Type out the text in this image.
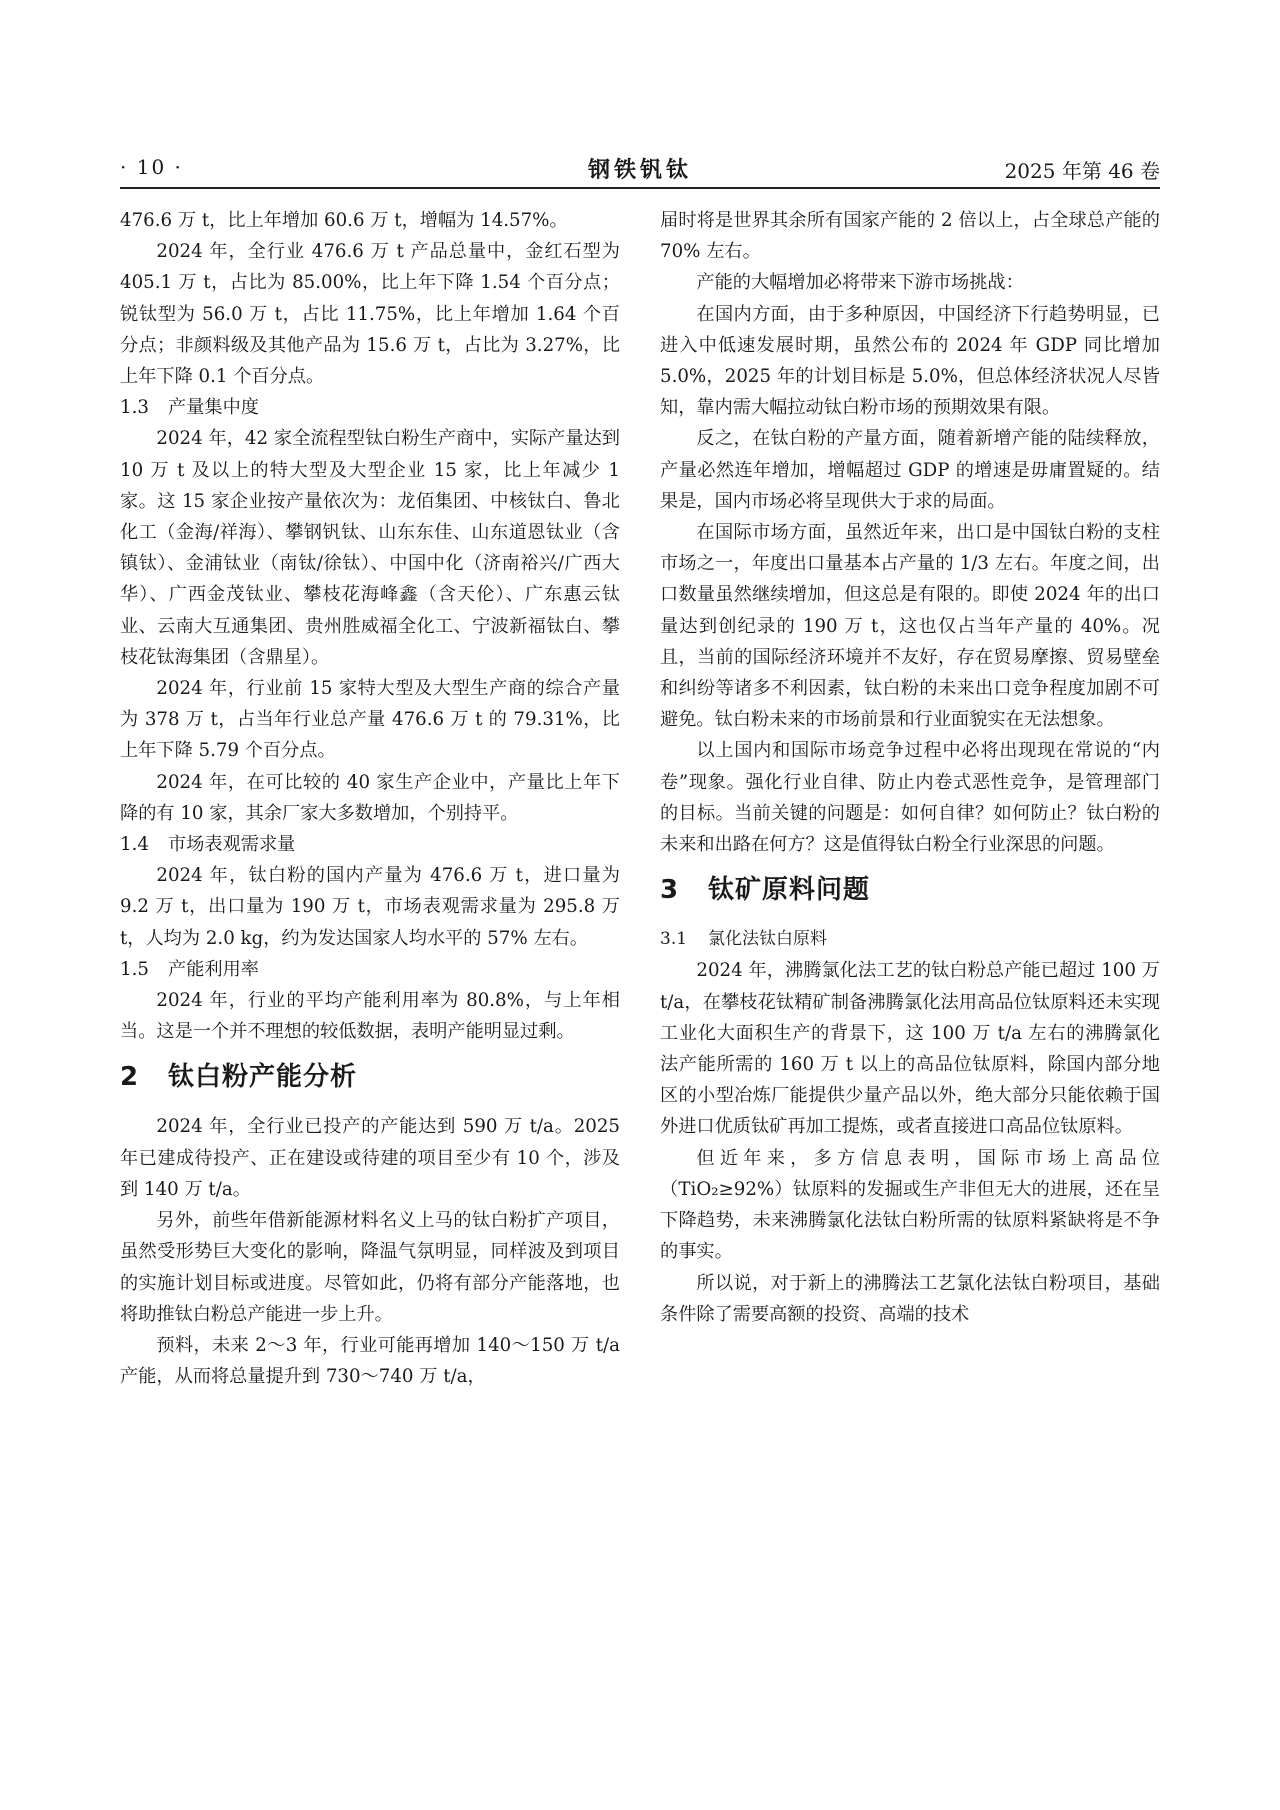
· 10 ·	钢铁钒钛	2025 年第 46 卷

476.6 万 t，比上年增加 60.6 万 t，增幅为 14.57%。

2024 年，全行业 476.6 万 t 产品总量中，金红石型为 405.1 万 t，占比为 85.00%，比上年下降 1.54 个百分点；锐钛型为 56.0 万 t，占比 11.75%，比上年增加 1.64 个百分点；非颜料级及其他产品为 15.6 万 t，占比为 3.27%，比上年下降 0.1 个百分点。

1.3 产量集中度

2024 年，42 家全流程型钛白粉生产商中，实际产量达到 10 万 t 及以上的特大型及大型企业 15 家，比上年减少 1 家。这 15 家企业按产量依次为：龙佰集团、中核钛白、鲁北化工（金海/祥海）、攀钢钒钛、山东东佳、山东道恩钛业（含镇钛）、金浦钛业（南钛/徐钛）、中国中化（济南裕兴/广西大华）、广西金茂钛业、攀枝花海峰鑫（含天伦）、广东惠云钛业、云南大互通集团、贵州胜威福全化工、宁波新福钛白、攀枝花钛海集团（含鼎星）。

2024 年，行业前 15 家特大型及大型生产商的综合产量为 378 万 t，占当年行业总产量 476.6 万 t 的 79.31%，比上年下降 5.79 个百分点。

2024 年，在可比较的 40 家生产企业中，产量比上年下降的有 10 家，其余厂家大多数增加，个别持平。

1.4 市场表观需求量

2024 年，钛白粉的国内产量为 476.6 万 t，进口量为 9.2 万 t，出口量为 190 万 t，市场表观需求量为 295.8 万 t，人均为 2.0 kg，约为发达国家人均水平的 57% 左右。

1.5 产能利用率

2024 年，行业的平均产能利用率为 80.8%，与上年相当。这是一个并不理想的较低数据，表明产能明显过剩。

2 钛白粉产能分析

2024 年，全行业已投产的产能达到 590 万 t/a。2025 年已建成待投产、正在建设或待建的项目至少有 10 个，涉及到 140 万 t/a。

另外，前些年借新能源材料名义上马的钛白粉扩产项目，虽然受形势巨大变化的影响，降温气氛明显，同样波及到项目的实施计划目标或进度。尽管如此，仍将有部分产能落地，也将助推钛白粉总产能进一步上升。

预料，未来 2～3 年，行业可能再增加 140～150 万 t/a 产能，从而将总量提升到 730～740 万 t/a，

届时将是世界其余所有国家产能的 2 倍以上，占全球总产能的 70% 左右。

产能的大幅增加必将带来下游市场挑战：

在国内方面，由于多种原因，中国经济下行趋势明显，已进入中低速发展时期，虽然公布的 2024 年 GDP 同比增加 5.0%，2025 年的计划目标是 5.0%，但总体经济状况人尽皆知，靠内需大幅拉动钛白粉市场的预期效果有限。

反之，在钛白粉的产量方面，随着新增产能的陆续释放，产量必然连年增加，增幅超过 GDP 的增速是毋庸置疑的。结果是，国内市场必将呈现供大于求的局面。

在国际市场方面，虽然近年来，出口是中国钛白粉的支柱市场之一，年度出口量基本占产量的 1/3 左右。年度之间，出口数量虽然继续增加，但这总是有限的。即使 2024 年的出口量达到创纪录的 190 万 t，这也仅占当年产量的 40%。况且，当前的国际经济环境并不友好，存在贸易摩擦、贸易壁垒和纠纷等诸多不利因素，钛白粉的未来出口竞争程度加剧不可避免。钛白粉未来的市场前景和行业面貌实在无法想象。

以上国内和国际市场竞争过程中必将出现现在常说的“内卷”现象。强化行业自律、防止内卷式恶性竞争，是管理部门的目标。当前关键的问题是：如何自律？如何防止？钛白粉的未来和出路在何方？这是值得钛白粉全行业深思的问题。

3 钛矿原料问题
3.1 氯化法钛白原料

2024 年，沸腾氯化法工艺的钛白粉总产能已超过 100 万 t/a，在攀枝花钛精矿制备沸腾氯化法用高品位钛原料还未实现工业化大面积生产的背景下，这 100 万 t/a 左右的沸腾氯化法产能所需的 160 万 t 以上的高品位钛原料，除国内部分地区的小型冶炼厂能提供少量产品以外，绝大部分只能依赖于国外进口优质钛矿再加工提炼，或者直接进口高品位钛原料。

但近年来，多方信息表明，国际市场上高品位（TiO₂≥92%）钛原料的发掘或生产非但无大的进展，还在呈下降趋势，未来沸腾氯化法钛白粉所需的钛原料紧缺将是不争的事实。

所以说，对于新上的沸腾法工艺氯化法钛白粉项目，基础条件除了需要高额的投资、高端的技术
